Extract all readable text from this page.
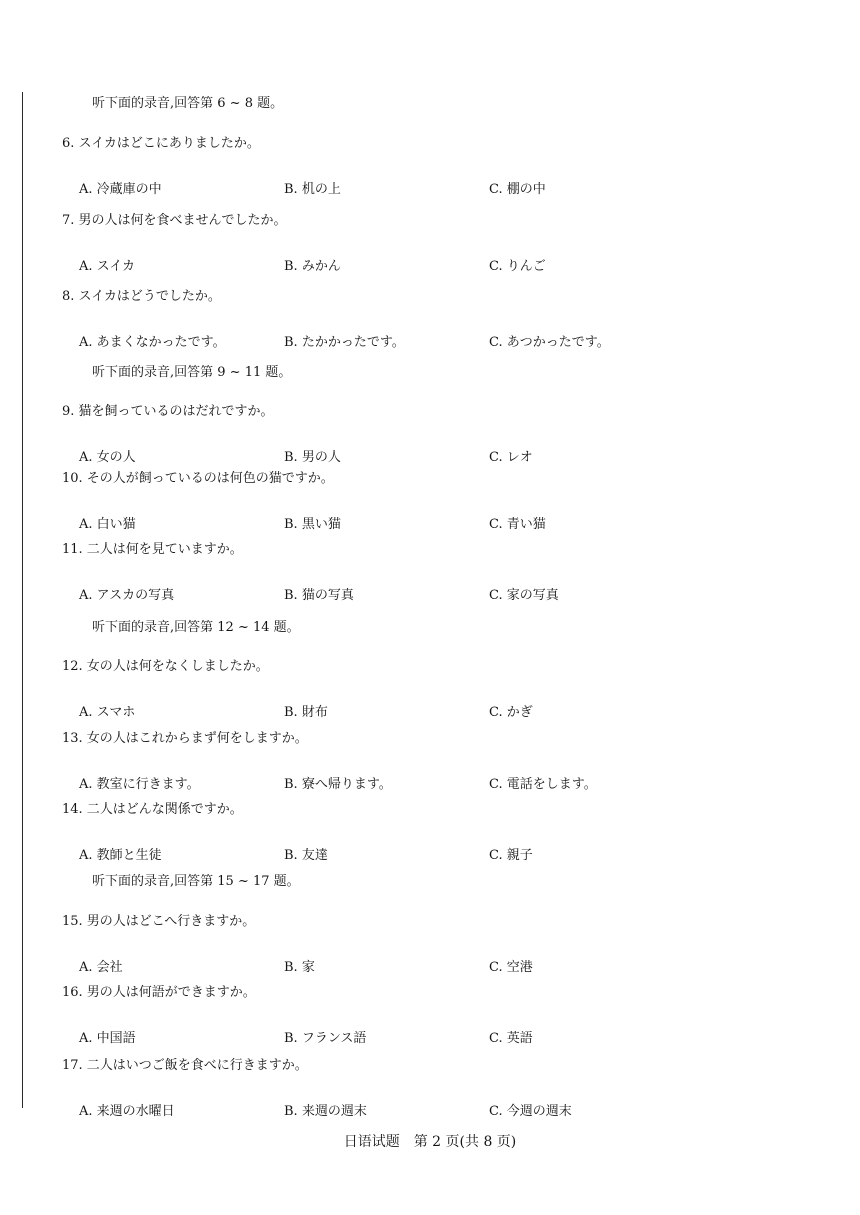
听下面的录音,回答第 6 ~ 8 题。
6. スイカはどこにありましたか。
A. 冷蔵庫の中	B. 机の上	C. 棚の中
7. 男の人は何を食べませんでしたか。
A. スイカ	B. みかん	C. りんご
8. スイカはどうでしたか。
A. あまくなかったです。	B. たかかったです。	C. あつかったです。
听下面的录音,回答第 9 ~ 11 题。
9. 猫を飼っているのはだれですか。
A. 女の人	B. 男の人	C. レオ
10. その人が飼っているのは何色の猫ですか。
A. 白い猫	B. 黒い猫	C. 青い猫
11. 二人は何を見ていますか。
A. アスカの写真	B. 猫の写真	C. 家の写真
听下面的录音,回答第 12 ~ 14 题。
12. 女の人は何をなくしましたか。
A. スマホ	B. 財布	C. かぎ
13. 女の人はこれからまず何をしますか。
A. 教室に行きます。	B. 寮へ帰ります。	C. 電話をします。
14. 二人はどんな関係ですか。
A. 教師と生徒	B. 友達	C. 親子
听下面的录音,回答第 15 ~ 17 题。
15. 男の人はどこへ行きますか。
A. 会社	B. 家	C. 空港
16. 男の人は何語ができますか。
A. 中国語	B. フランス語	C. 英語
17. 二人はいつご飯を食べに行きますか。
A. 来週の水曜日	B. 来週の週末	C. 今週の週末
日语试题　第 2 页(共 8 页)
